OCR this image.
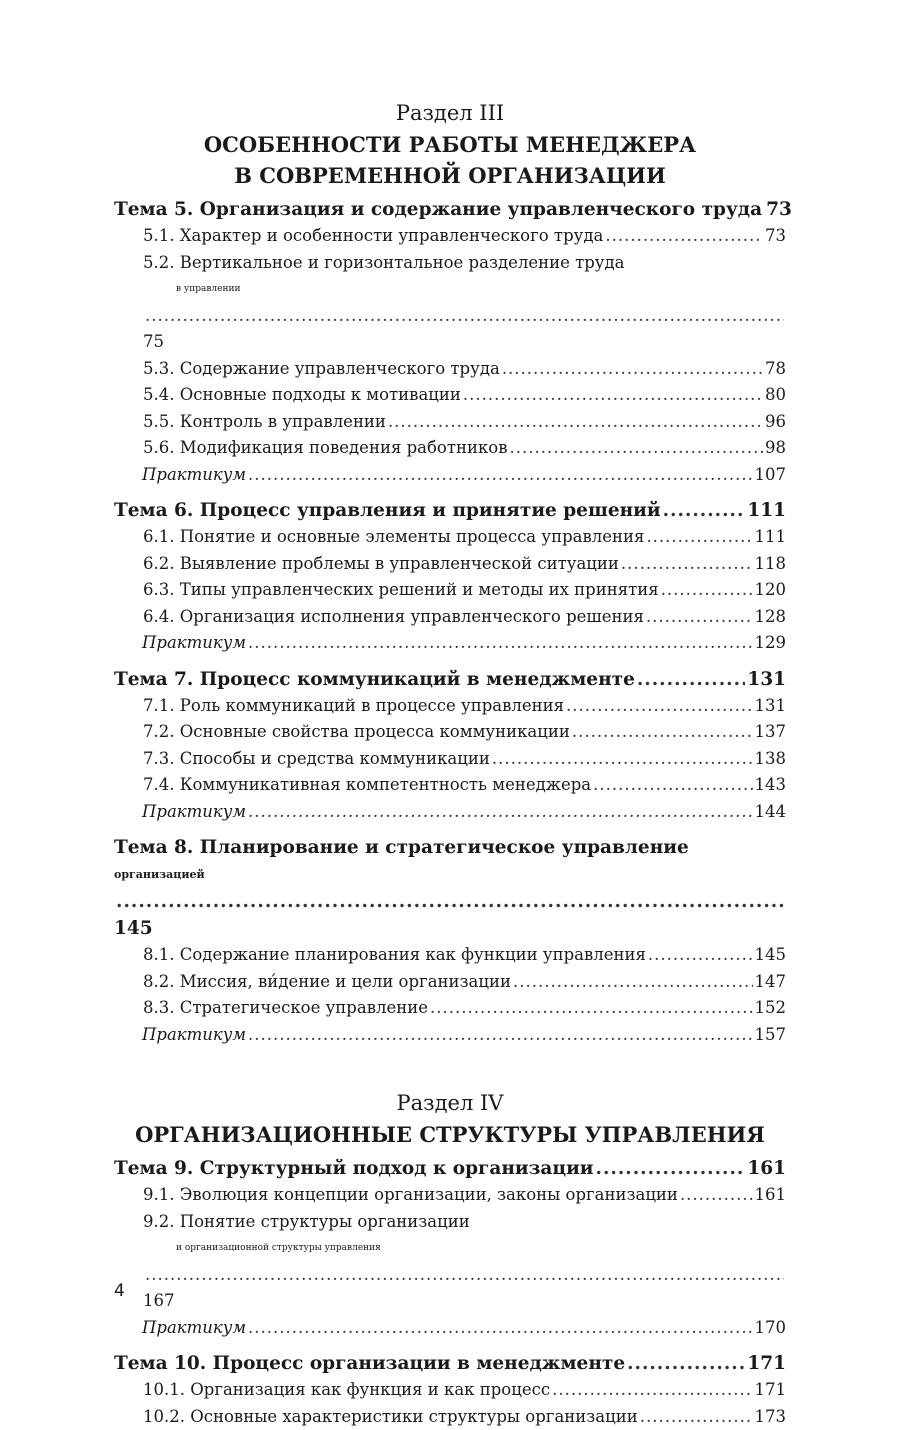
Раздел III
ОСОБЕННОСТИ РАБОТЫ МЕНЕДЖЕРА
В СОВРЕМЕННОЙ ОРГАНИЗАЦИИ
Тема 5. Организация и содержание управленческого труда 73
5.1. Характер и особенности управленческого труда .....	73
5.2. Вертикальное и горизонтальное разделение труда
в управлении
.....
75
5.3. Содержание управленческого труда .....	78
5.4. Основные подходы к мотивации .....	80
5.5. Контроль в управлении .....	96
5.6. Модификация поведения работников .....	98
Практикум .....	107
Тема 6. Процесс управления и принятие решений .....	111
6.1. Понятие и основные элементы процесса управления .....	111
6.2. Выявление проблемы в управленческой ситуации .....	118
6.3. Типы управленческих решений и методы их принятия .....	120
6.4. Организация исполнения управленческого решения .....	128
Практикум .....	129
Тема 7. Процесс коммуникаций в менеджменте .....	131
7.1. Роль коммуникаций в процессе управления .....	131
7.2. Основные свойства процесса коммуникации .....	137
7.3. Способы и средства коммуникации .....	138
7.4. Коммуникативная компетентность менеджера .....	143
Практикум .....	144
Тема 8. Планирование и стратегическое управление
организацией
.....
145
8.1. Содержание планирования как функции управления .....	145
8.2. Миссия, ви́дение и цели организации .....	147
8.3. Стратегическое управление .....	152
Практикум .....	157
Раздел IV
ОРГАНИЗАЦИОННЫЕ СТРУКТУРЫ УПРАВЛЕНИЯ
Тема 9. Структурный подход к организации .....	161
9.1. Эволюция концепции организации, законы организации .....	161
9.2. Понятие структуры организации
и организационной структуры управления
.....
167
Практикум .....	170
Тема 10. Процесс организации в менеджменте .....	171
10.1. Организация как функция и как процесс .....	171
10.2. Основные характеристики структуры организации .....	173
4
